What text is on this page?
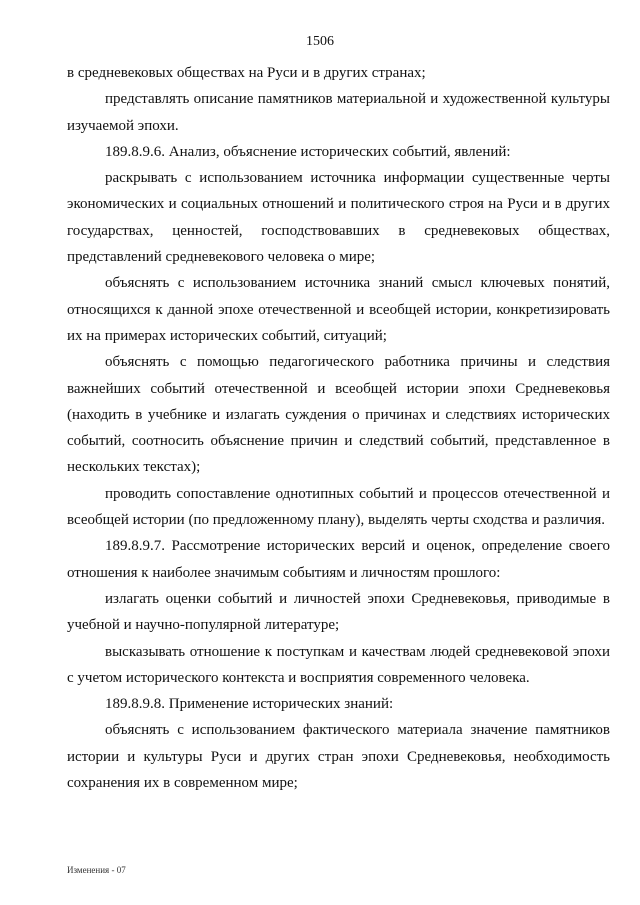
1506

в средневековых обществах на Руси и в других странах;

представлять описание памятников материальной и художественной культуры изучаемой эпохи.

189.8.9.6. Анализ, объяснение исторических событий, явлений:

раскрывать с использованием источника информации существенные черты экономических и социальных отношений и политического строя на Руси и в других государствах, ценностей, господствовавших в средневековых обществах, представлений средневекового человека о мире;

объяснять с использованием источника знаний смысл ключевых понятий, относящихся к данной эпохе отечественной и всеобщей истории, конкретизировать их на примерах исторических событий, ситуаций;

объяснять с помощью педагогического работника причины и следствия важнейших событий отечественной и всеобщей истории эпохи Средневековья (находить в учебнике и излагать суждения о причинах и следствиях исторических событий, соотносить объяснение причин и следствий событий, представленное в нескольких текстах);

проводить сопоставление однотипных событий и процессов отечественной и всеобщей истории (по предложенному плану), выделять черты сходства и различия.

189.8.9.7. Рассмотрение исторических версий и оценок, определение своего отношения к наиболее значимым событиям и личностям прошлого:

излагать оценки событий и личностей эпохи Средневековья, приводимые в учебной и научно-популярной литературе;

высказывать отношение к поступкам и качествам людей средневековой эпохи с учетом исторического контекста и восприятия современного человека.

189.8.9.8. Применение исторических знаний:

объяснять с использованием фактического материала значение памятников истории и культуры Руси и других стран эпохи Средневековья, необходимость сохранения их в современном мире;

Изменения - 07
